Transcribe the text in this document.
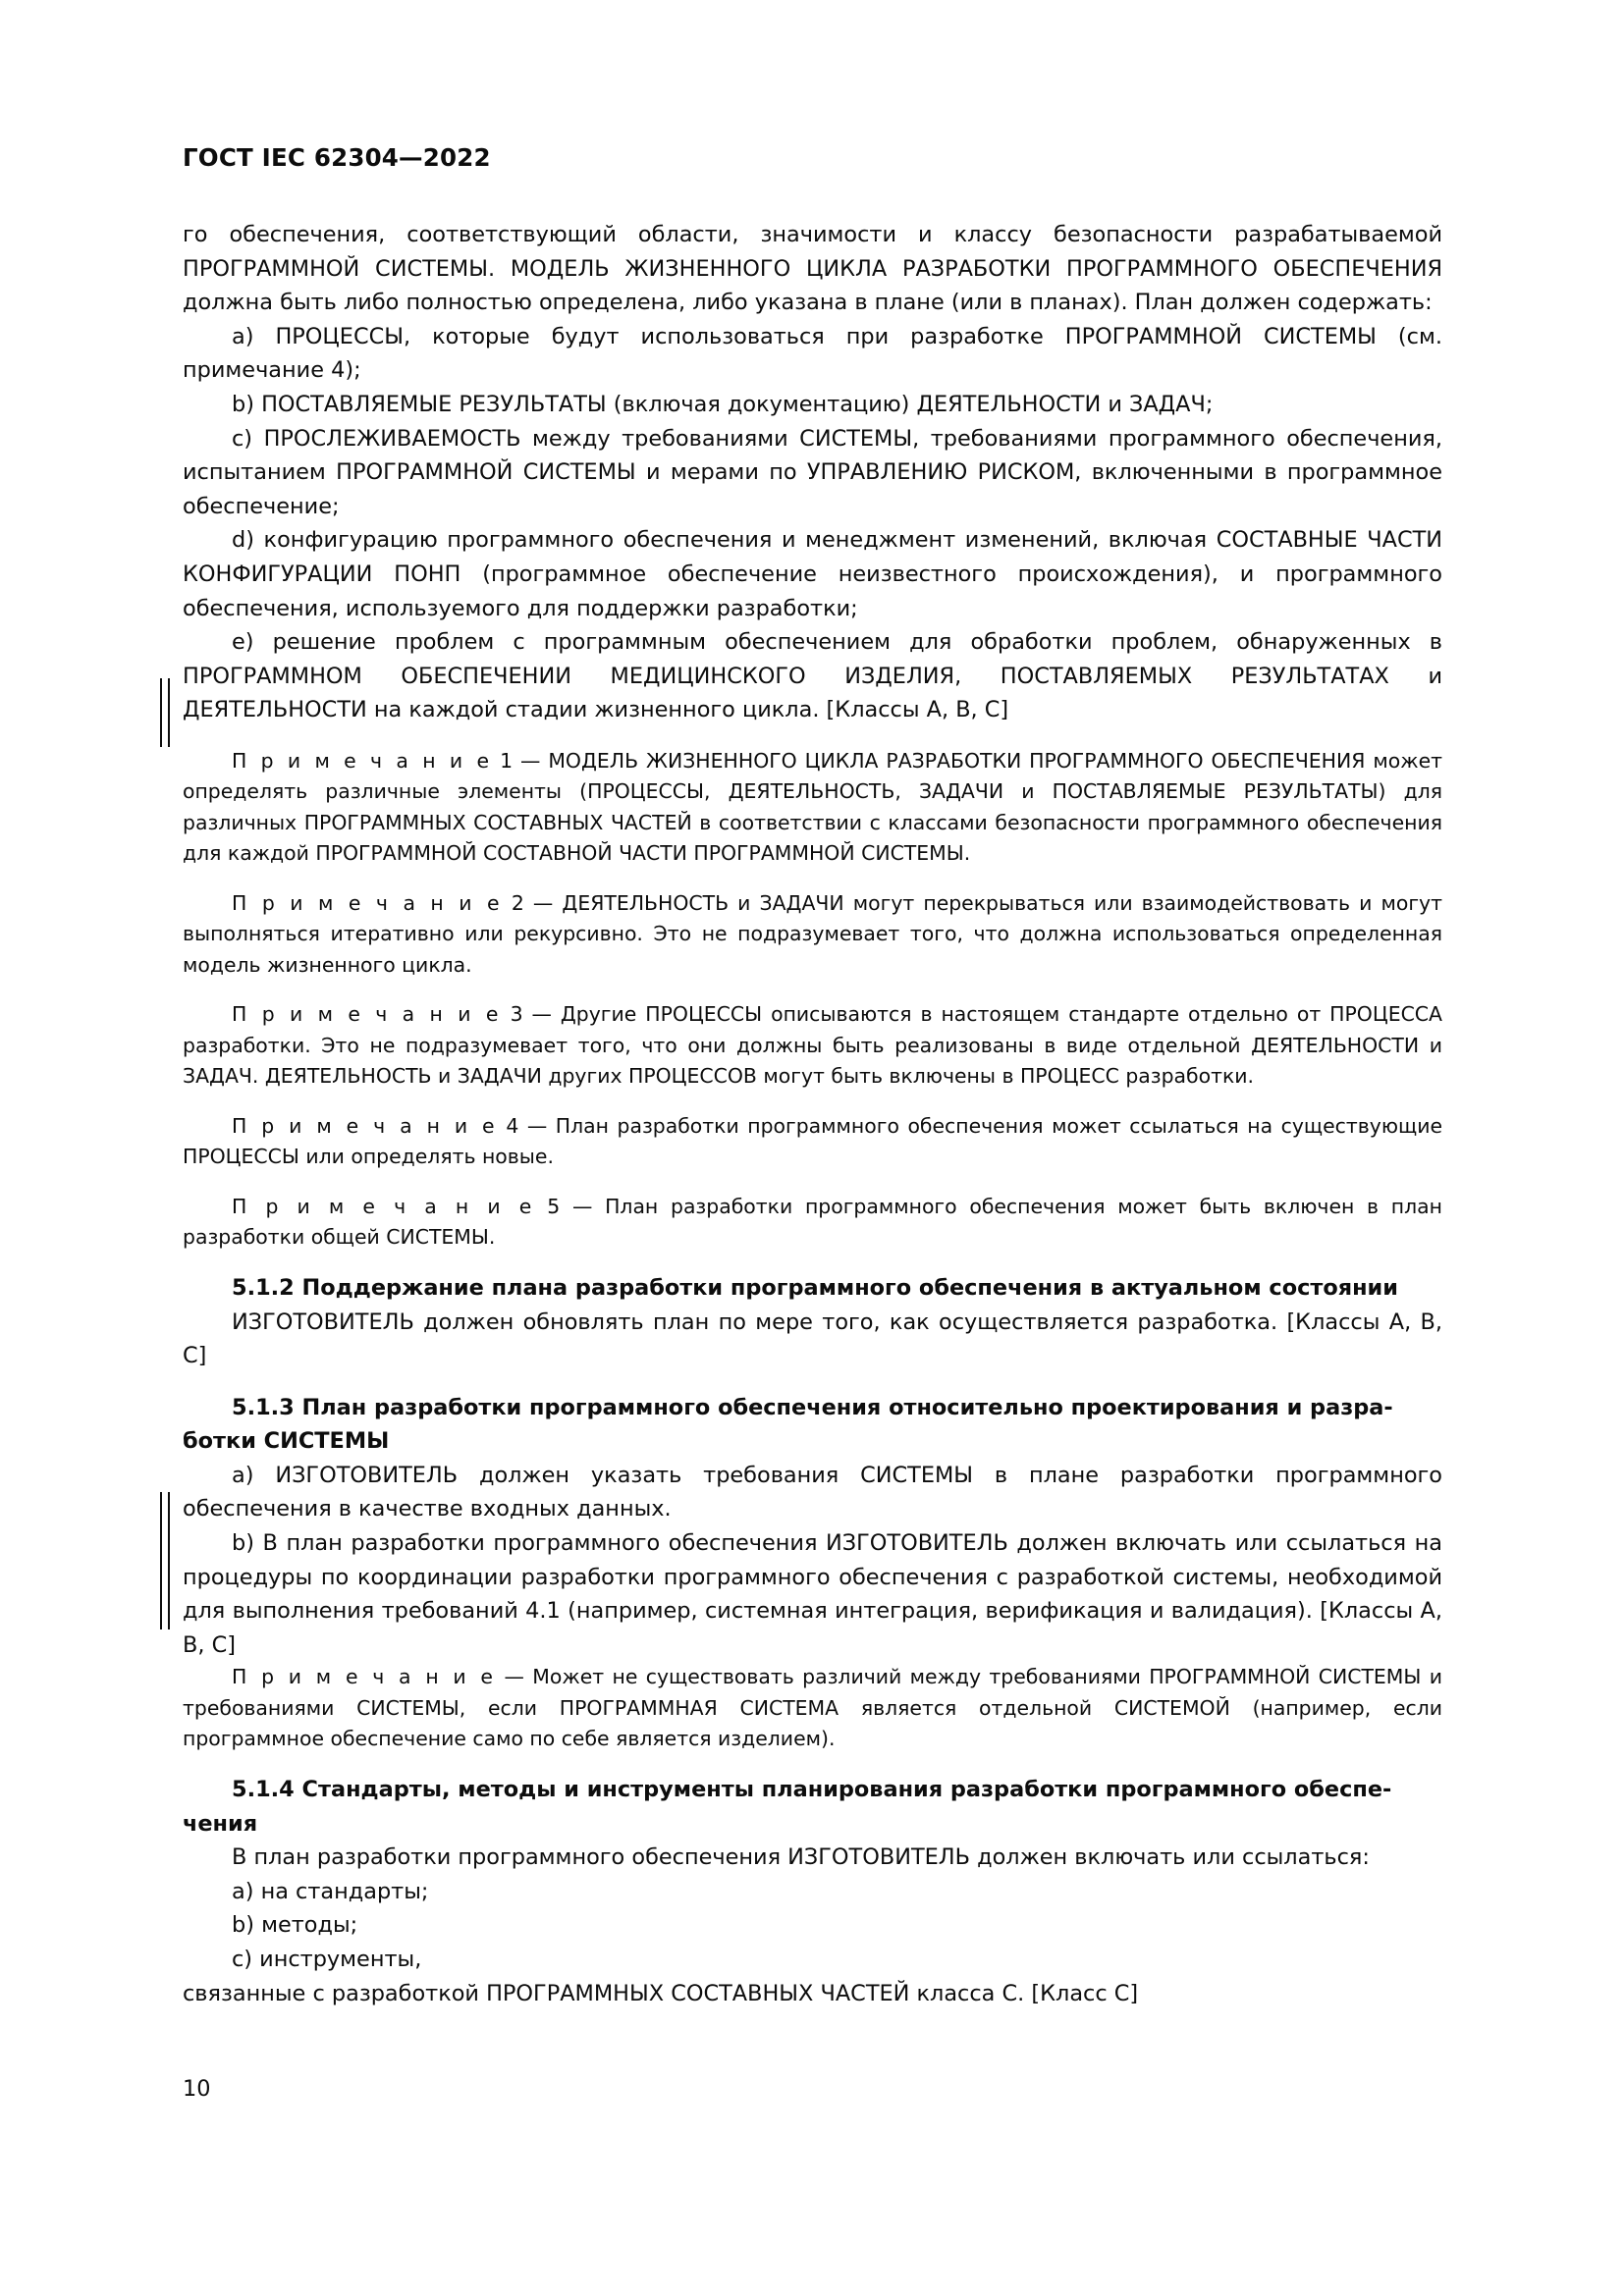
ГОСТ IEC 62304—2022

го обеспечения, соответствующий области, значимости и классу безопасности разрабатываемой ПРОГРАММНОЙ СИСТЕМЫ. МОДЕЛЬ ЖИЗНЕННОГО ЦИКЛА РАЗРАБОТКИ ПРОГРАММНОГО ОБЕСПЕЧЕНИЯ должна быть либо полностью определена, либо указана в плане (или в планах). План должен содержать:

a) ПРОЦЕССЫ, которые будут использоваться при разработке ПРОГРАММНОЙ СИСТЕМЫ (см. примечание 4);

b) ПОСТАВЛЯЕМЫЕ РЕЗУЛЬТАТЫ (включая документацию) ДЕЯТЕЛЬНОСТИ и ЗАДАЧ;

c) ПРОСЛЕЖИВАЕМОСТЬ между требованиями СИСТЕМЫ, требованиями программного обеспечения, испытанием ПРОГРАММНОЙ СИСТЕМЫ и мерами по УПРАВЛЕНИЮ РИСКОМ, включенными в программное обеспечение;

d) конфигурацию программного обеспечения и менеджмент изменений, включая СОСТАВНЫЕ ЧАСТИ КОНФИГУРАЦИИ ПОНП (программное обеспечение неизвестного происхождения), и программного обеспечения, используемого для поддержки разработки;

e) решение проблем с программным обеспечением для обработки проблем, обнаруженных в ПРОГРАММНОМ ОБЕСПЕЧЕНИИ МЕДИЦИНСКОГО ИЗДЕЛИЯ, ПОСТАВЛЯЕМЫХ РЕЗУЛЬТАТАХ и ДЕЯТЕЛЬНОСТИ на каждой стадии жизненного цикла. [Классы A, B, C]

П р и м е ч а н и е 1 — МОДЕЛЬ ЖИЗНЕННОГО ЦИКЛА РАЗРАБОТКИ ПРОГРАММНОГО ОБЕСПЕЧЕНИЯ может определять различные элементы (ПРОЦЕССЫ, ДЕЯТЕЛЬНОСТЬ, ЗАДАЧИ и ПОСТАВЛЯЕМЫЕ РЕЗУЛЬТАТЫ) для различных ПРОГРАММНЫХ СОСТАВНЫХ ЧАСТЕЙ в соответствии с классами безопасности программного обеспечения для каждой ПРОГРАММНОЙ СОСТАВНОЙ ЧАСТИ ПРОГРАММНОЙ СИСТЕМЫ.

П р и м е ч а н и е 2 — ДЕЯТЕЛЬНОСТЬ и ЗАДАЧИ могут перекрываться или взаимодействовать и могут выполняться итеративно или рекурсивно. Это не подразумевает того, что должна использоваться определенная модель жизненного цикла.

П р и м е ч а н и е 3 — Другие ПРОЦЕССЫ описываются в настоящем стандарте отдельно от ПРОЦЕССА разработки. Это не подразумевает того, что они должны быть реализованы в виде отдельной ДЕЯТЕЛЬНОСТИ и ЗАДАЧ. ДЕЯТЕЛЬНОСТЬ и ЗАДАЧИ других ПРОЦЕССОВ могут быть включены в ПРОЦЕСС разработки.

П р и м е ч а н и е 4 — План разработки программного обеспечения может ссылаться на существующие ПРОЦЕССЫ или определять новые.

П р и м е ч а н и е 5 — План разработки программного обеспечения может быть включен в план разработки общей СИСТЕМЫ.

5.1.2 Поддержание плана разработки программного обеспечения в актуальном состоянии

ИЗГОТОВИТЕЛЬ должен обновлять план по мере того, как осуществляется разработка. [Классы A, B, C]

5.1.3 План разработки программного обеспечения относительно проектирования и разра-

ботки СИСТЕМЫ

a) ИЗГОТОВИТЕЛЬ должен указать требования СИСТЕМЫ в плане разработки программного обеспечения в качестве входных данных.

b) В план разработки программного обеспечения ИЗГОТОВИТЕЛЬ должен включать или ссылаться на процедуры по координации разработки программного обеспечения с разработкой системы, необходимой для выполнения требований 4.1 (например, системная интеграция, верификация и валидация). [Классы A, B, C]

П р и м е ч а н и е — Может не существовать различий между требованиями ПРОГРАММНОЙ СИСТЕМЫ и требованиями СИСТЕМЫ, если ПРОГРАММНАЯ СИСТЕМА является отдельной СИСТЕМОЙ (например, если программное обеспечение само по себе является изделием).

5.1.4 Стандарты, методы и инструменты планирования разработки программного обеспе-

чения

В план разработки программного обеспечения ИЗГОТОВИТЕЛЬ должен включать или ссылаться:

a) на стандарты;

b) методы;

c) инструменты,

связанные с разработкой ПРОГРАММНЫХ СОСТАВНЫХ ЧАСТЕЙ класса C. [Класс C]

10
